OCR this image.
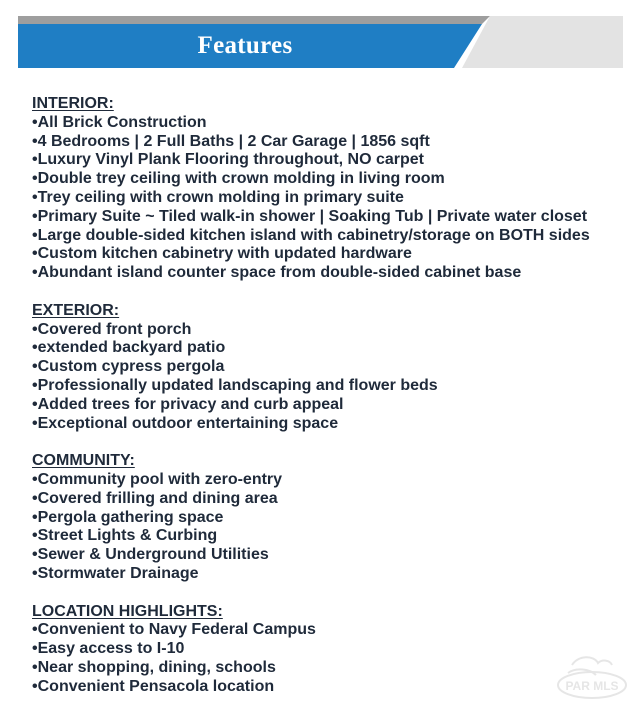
Features
INTERIOR:
• All Brick Construction
• 4 Bedrooms | 2 Full Baths | 2 Car Garage | 1856 sqft
• Luxury Vinyl Plank Flooring throughout, NO carpet
• Double trey ceiling with crown molding in living room
• Trey ceiling with crown molding in primary suite
• Primary Suite ~ Tiled walk-in shower | Soaking Tub | Private water closet
• Large double-sided kitchen island with cabinetry/storage on BOTH sides
• Custom kitchen cabinetry with updated hardware
• Abundant island counter space from double-sided cabinet base
EXTERIOR:
• Covered front porch
• extended backyard patio
• Custom cypress pergola
• Professionally updated landscaping and flower beds
• Added trees for privacy and curb appeal
• Exceptional outdoor entertaining space
COMMUNITY:
• Community pool with zero-entry
• Covered frilling and dining area
• Pergola gathering space
• Street Lights & Curbing
• Sewer & Underground Utilities
• Stormwater Drainage
LOCATION HIGHLIGHTS:
• Convenient to Navy Federal Campus
• Easy access to I-10
• Near shopping, dining, schools
• Convenient Pensacola location	PAR MLS
